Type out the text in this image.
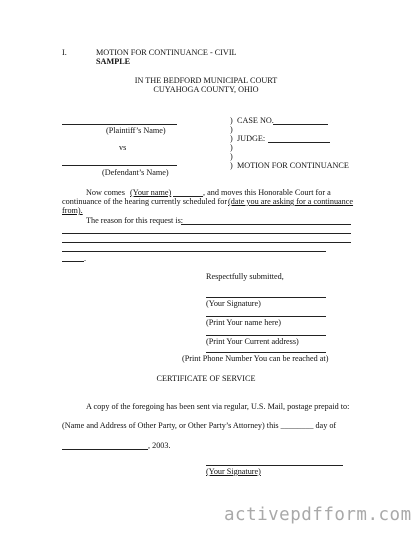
I.	MOTION FOR CONTINUANCE - CIVIL
SAMPLE
IN THE BEDFORD MUNICIPAL COURT
CUYAHOGA COUNTY, OHIO
(Plaintiff’s Name)
vs
(Defendant’s Name)
)
)
)
)
)
)
CASE NO.
JUDGE:
MOTION FOR CONTINUANCE
Now comes (Your name)	, and moves this Honorable Court for a
continuance of the hearing currently scheduled for (date you are asking for a continuance
from).
The reason for this request is:
.
Respectfully submitted,
(Your Signature)
(Print Your name here)
(Print Your Current address)
(Print Phone Number You can be reached at)
CERTIFICATE OF SERVICE
A copy of the foregoing has been sent via regular, U.S. Mail, postage prepaid to:
(Name and Address of Other Party, or Other Party’s Attorney) this ________ day of
, 2003.
(Your Signature)
activepdfform.com
